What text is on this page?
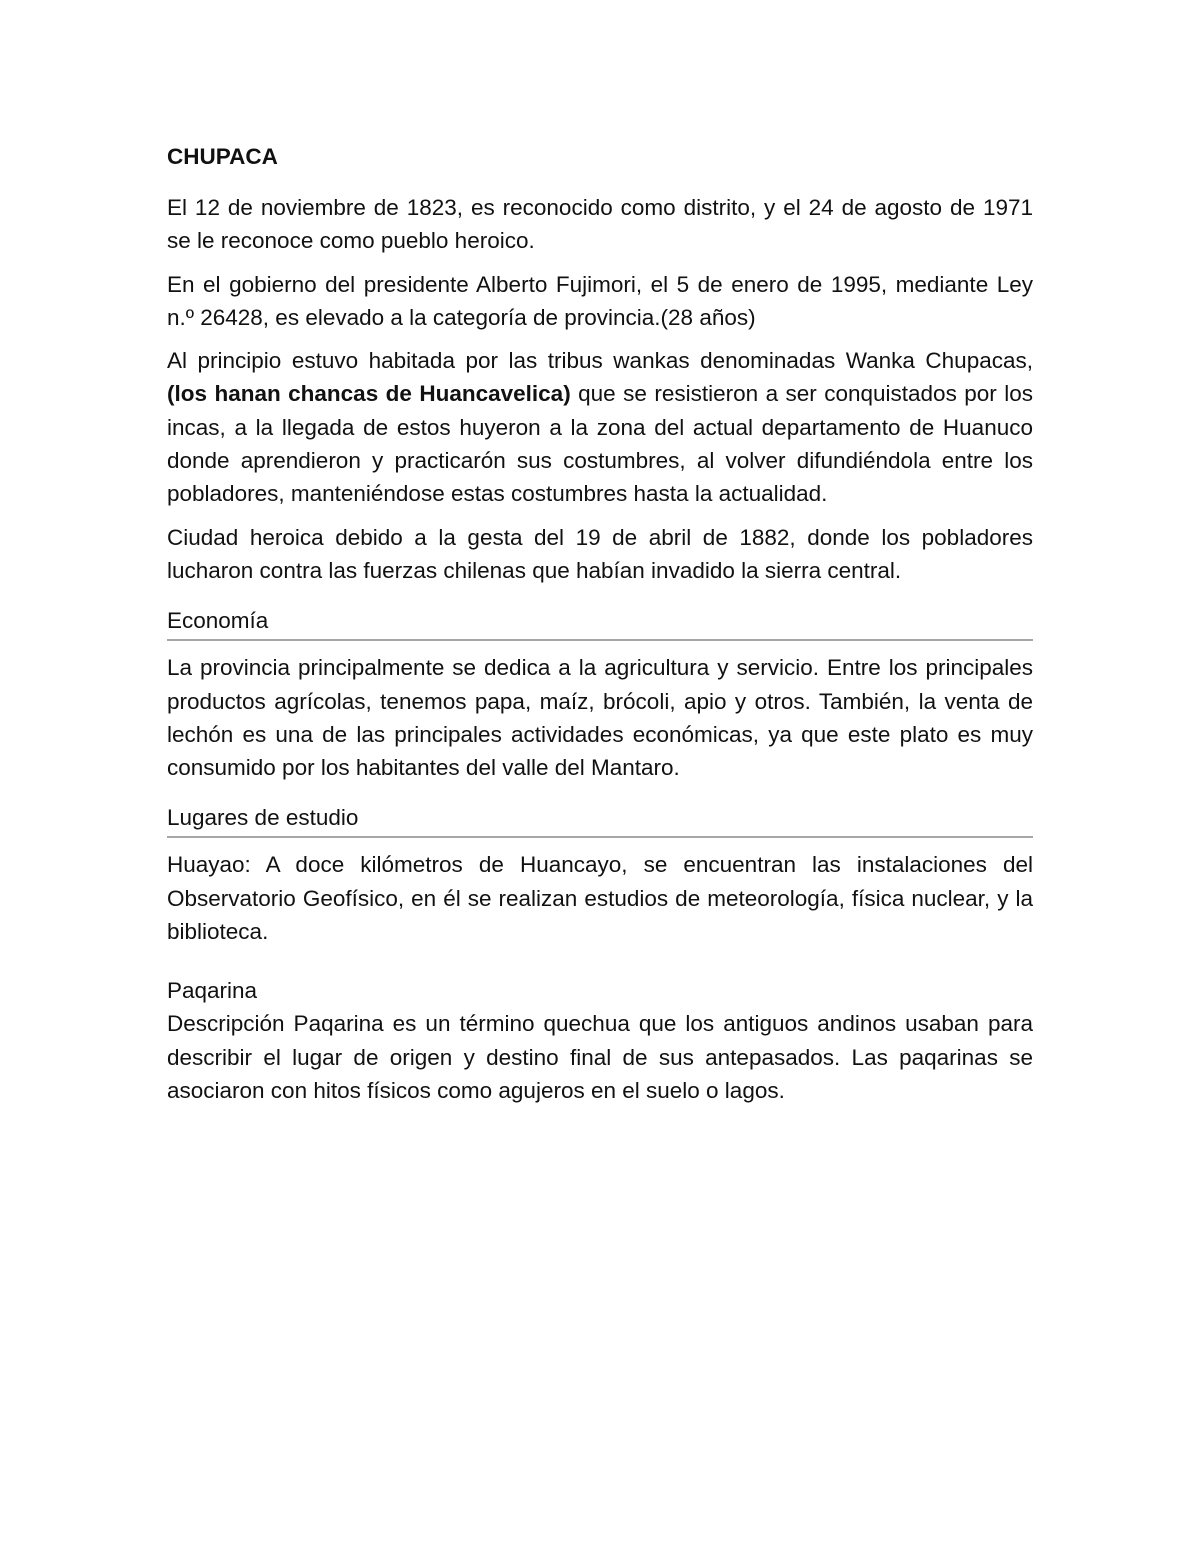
CHUPACA

El 12 de noviembre de 1823, es reconocido como distrito, y el 24 de agosto de 1971 se le reconoce como pueblo heroico.

En el gobierno del presidente Alberto Fujimori, el 5 de enero de 1995, mediante Ley n.º 26428, es elevado a la categoría de provincia.(28 años)

Al principio estuvo habitada por las tribus wankas denominadas Wanka Chupacas, (los hanan chancas de Huancavelica) que se resistieron a ser conquistados por los incas, a la llegada de estos huyeron a la zona del actual departamento de Huanuco donde aprendieron y practicarón sus costumbres, al volver difundiéndola entre los pobladores, manteniéndose estas costumbres hasta la actualidad.

Ciudad heroica debido a la gesta del 19 de abril de 1882, donde los pobladores lucharon contra las fuerzas chilenas que habían invadido la sierra central.

Economía

La provincia principalmente se dedica a la agricultura y servicio. Entre los principales productos agrícolas, tenemos papa, maíz, brócoli, apio y otros. También, la venta de lechón es una de las principales actividades económicas, ya que este plato es muy consumido por los habitantes del valle del Mantaro.

Lugares de estudio

Huayao: A doce kilómetros de Huancayo, se encuentran las instalaciones del Observatorio Geofísico, en él se realizan estudios de meteorología, física nuclear, y la biblioteca.

Paqarina

Descripción Paqarina es un término quechua que los antiguos andinos usaban para describir el lugar de origen y destino final de sus antepasados. Las paqarinas se asociaron con hitos físicos como agujeros en el suelo o lagos.
